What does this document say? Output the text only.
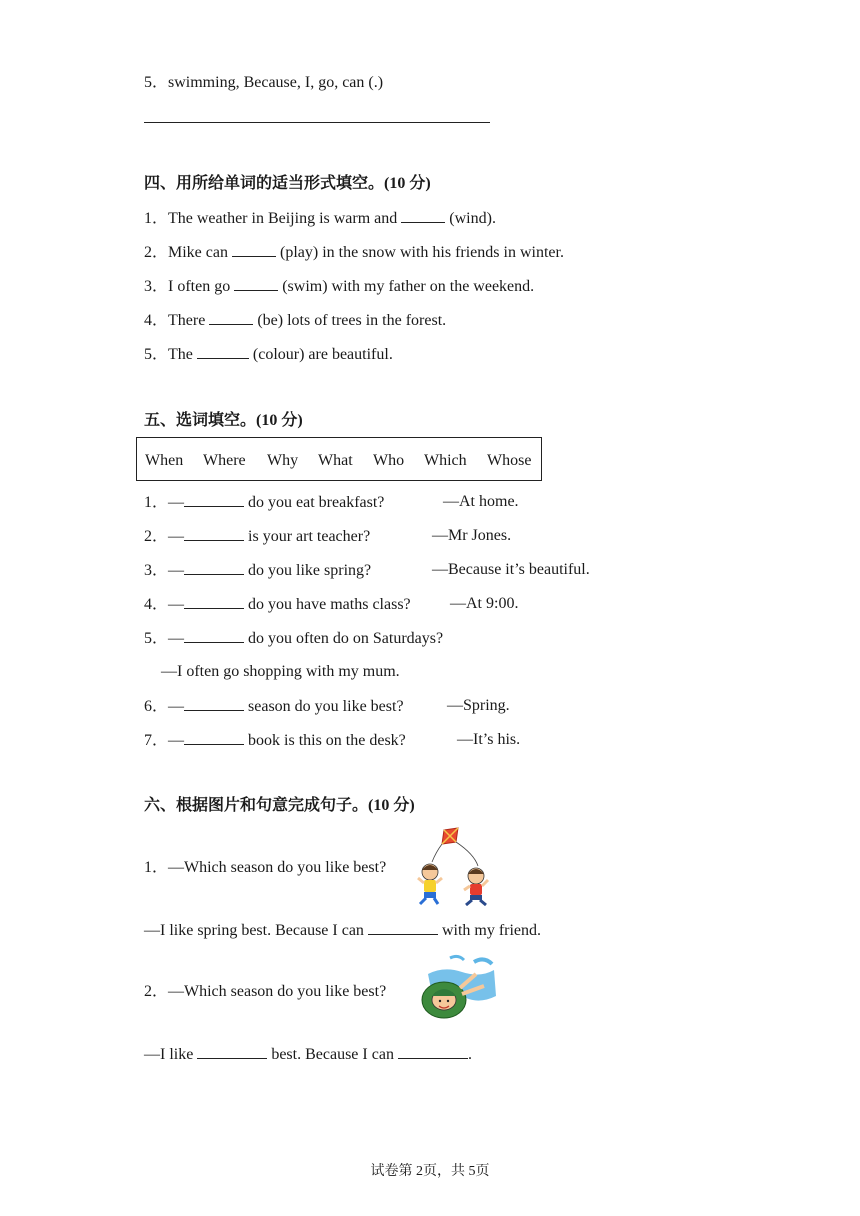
5．swimming, Because, I, go, can (.)
四、用所给单词的适当形式填空。(10 分)
1．The weather in Beijing is warm and	(wind).
2．Mike can	(play) in the snow with his friends in winter.
3．I often go	(swim) with my father on the weekend.
4．There	(be) lots of trees in the forest.
5．The	(colour) are beautiful.
五、选词填空。(10 分)
When Where Why What Who Which Whose
1．—	do you eat breakfast?	—At home.
2．—	is your art teacher?	—Mr Jones.
3．—	do you like spring?	—Because it’s beautiful.
4．—	do you have maths class? —At 9:00.
5．—	do you often do on Saturdays?
—I often go shopping with my mum.
6．—	season do you like best?	—Spring.
7．—	book is this on the desk?	—It’s his.
六、根据图片和句意完成句子。(10 分)
1．—Which season do you like best?
—I like spring best. Because I can	with my friend.
2．—Which season do you like best?
—I like	best. Because I can	.
试卷第 2页，共 5页
